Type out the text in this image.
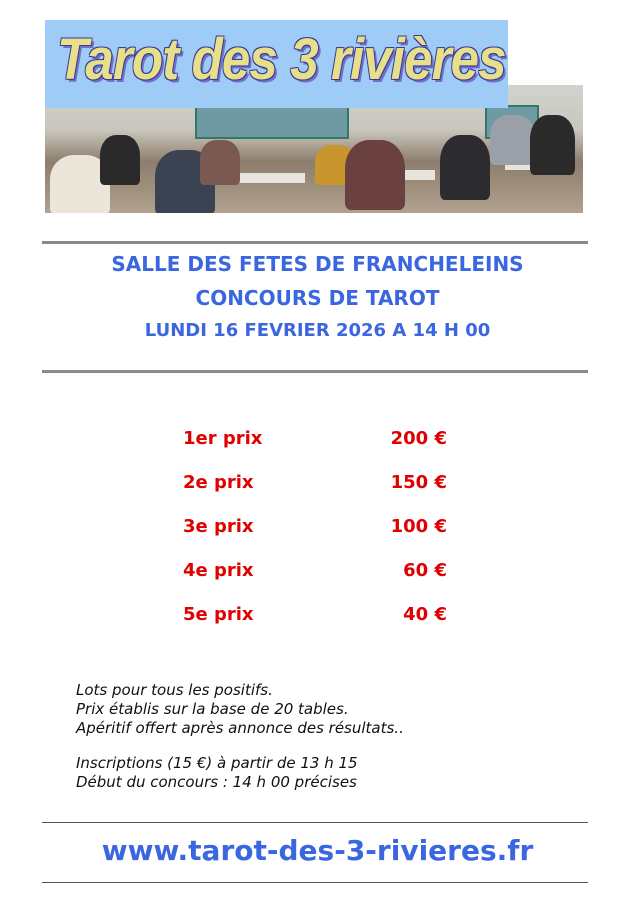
Tarot des 3 rivières
SALLE DES FETES DE FRANCHELEINS
CONCOURS DE TAROT
LUNDI 16 FEVRIER 2026 A 14 H 00
1er prix	200 €
2e prix	150 €
3e prix	100 €
4e prix	60 €
5e prix	40 €
Lots pour tous les positifs.
Prix établis sur la base de 20 tables.
Apéritif offert après annonce des résultats..
Inscriptions (15 €) à partir de 13 h 15
Début du concours : 14 h 00 précises
www.tarot-des-3-rivieres.fr
